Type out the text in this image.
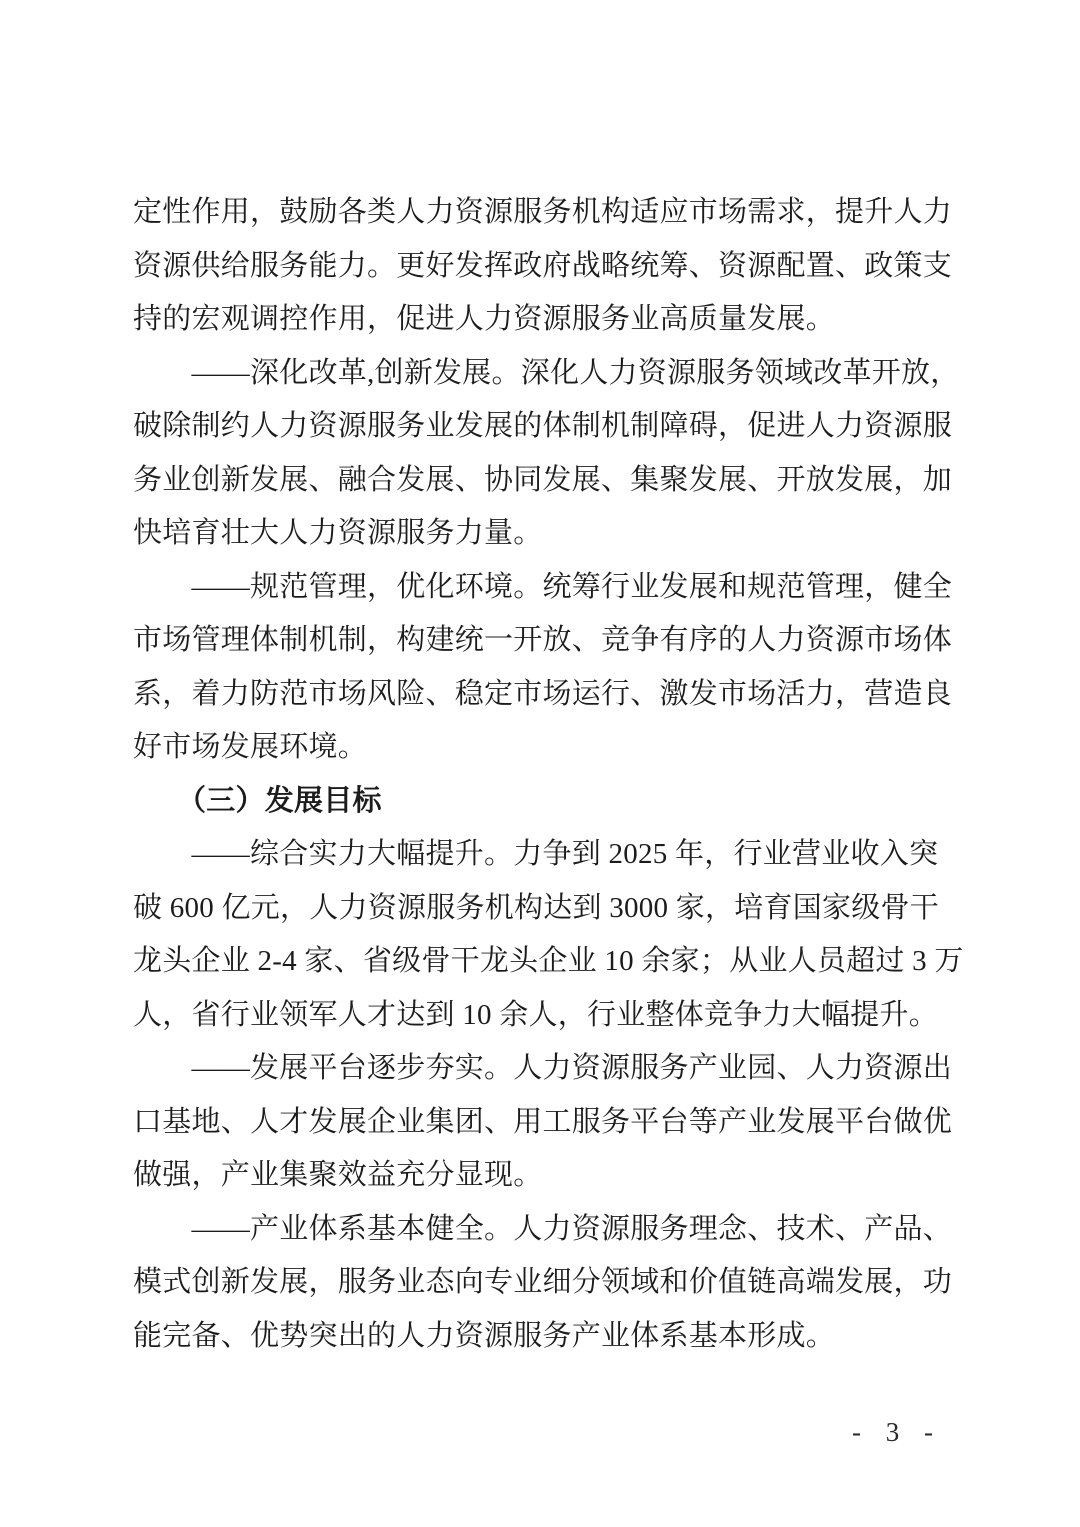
定性作用，鼓励各类人力资源服务机构适应市场需求，提升人力
资源供给服务能力。更好发挥政府战略统筹、资源配置、政策支
持的宏观调控作用，促进人力资源服务业高质量发展。
　　——深化改革,创新发展。深化人力资源服务领域改革开放，
破除制约人力资源服务业发展的体制机制障碍，促进人力资源服
务业创新发展、融合发展、协同发展、集聚发展、开放发展，加
快培育壮大人力资源服务力量。
　　——规范管理，优化环境。统筹行业发展和规范管理，健全
市场管理体制机制，构建统一开放、竞争有序的人力资源市场体
系，着力防范市场风险、稳定市场运行、激发市场活力，营造良
好市场发展环境。
　　（三）发展目标
　　——综合实力大幅提升。力争到 2025 年，行业营业收入突
破 600 亿元，人力资源服务机构达到 3000 家，培育国家级骨干
龙头企业 2-4 家、省级骨干龙头企业 10 余家；从业人员超过 3 万
人，省行业领军人才达到 10 余人，行业整体竞争力大幅提升。
　　——发展平台逐步夯实。人力资源服务产业园、人力资源出
口基地、人才发展企业集团、用工服务平台等产业发展平台做优
做强，产业集聚效益充分显现。
　　——产业体系基本健全。人力资源服务理念、技术、产品、
模式创新发展，服务业态向专业细分领域和价值链高端发展，功
能完备、优势突出的人力资源服务产业体系基本形成。
- 3 -
